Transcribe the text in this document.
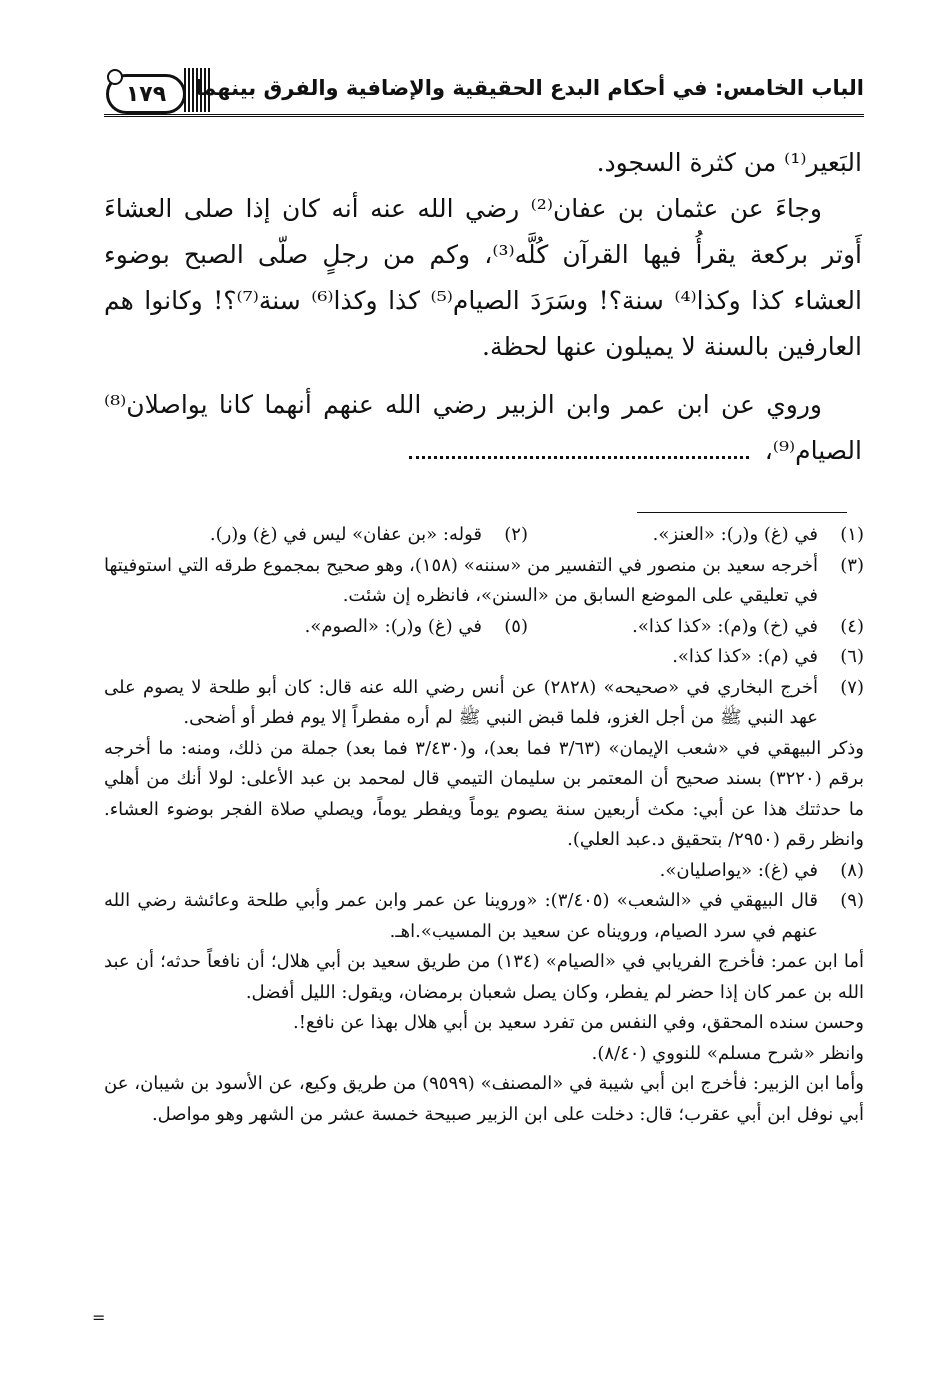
١٧٩	الباب الخامس: في أحكام البدع الحقيقية والإضافية والفرق بينهما

البَعير⁽¹⁾ من كثرة السجود.

وجاءَ عن عثمان بن عفان⁽²⁾ رضي الله عنه أنه كان إذا صلى العشاءَ أَوتر بركعة يقرأُ فيها القرآن كُلَّه⁽³⁾، وكم من رجلٍ صلّى الصبح بوضوء العشاء كذا وكذا⁽⁴⁾ سنة؟! وسَرَدَ الصيام⁽⁵⁾ كذا وكذا⁽⁶⁾ سنة⁽⁷⁾؟! وكانوا هم العارفين بالسنة لا يميلون عنها لحظة.

وروي عن ابن عمر وابن الزبير رضي الله عنهم أنهما كانا يواصلان⁽⁸⁾ الصيام⁽⁹⁾،

(١)
في (غ) و(ر): «العنز».
(٢)
قوله: «بن عفان» ليس في (غ) و(ر).
(٣)
أخرجه سعيد بن منصور في التفسير من «سننه» (١٥٨)، وهو صحيح بمجموع طرقه التي استوفيتها في تعليقي على الموضع السابق من «السنن»، فانظره إن شئت.
(٤)
في (خ) و(م): «كذا كذا».
(٥)
في (غ) و(ر): «الصوم».
(٦)
في (م): «كذا كذا».
(٧)
أخرج البخاري في «صحيحه» (٢٨٢٨) عن أنس رضي الله عنه قال: كان أبو طلحة لا يصوم على عهد النبي ﷺ من أجل الغزو، فلما قبض النبي ﷺ لم أره مفطراً إلا يوم فطر أو أضحى.
وذكر البيهقي في «شعب الإيمان» (٣/٦٣ فما بعد)، و(٣/٤٣٠ فما بعد) جملة من ذلك، ومنه: ما أخرجه برقم (٣٢٢٠) بسند صحيح أن المعتمر بن سليمان التيمي قال لمحمد بن عبد الأعلى: لولا أنك من أهلي ما حدثتك هذا عن أبي: مكث أربعين سنة يصوم يوماً ويفطر يوماً، ويصلي صلاة الفجر بوضوء العشاء. وانظر رقم (٢٩٥٠/ بتحقيق د.عبد العلي).
(٨)
في (غ): «يواصلیان».
(٩)
قال البيهقي في «الشعب» (٣/٤٠٥): «وروينا عن عمر وابن عمر وأبي طلحة وعائشة رضي الله عنهم في سرد الصيام، ورويناه عن سعيد بن المسيب».اهـ.
أما ابن عمر: فأخرج الفريابي في «الصيام» (١٣٤) من طريق سعيد بن أبي هلال؛ أن نافعاً حدثه؛ أن عبد الله بن عمر كان إذا حضر لم يفطر، وكان يصل شعبان برمضان، ويقول: الليل أفضل.
وحسن سنده المحقق، وفي النفس من تفرد سعيد بن أبي هلال بهذا عن نافع!.
وانظر «شرح مسلم» للنووي (٨/٤٠).
وأما ابن الزبير: فأخرج ابن أبي شيبة في «المصنف» (٩٥٩٩) من طريق وكيع، عن الأسود بن شيبان، عن أبي نوفل ابن أبي عقرب؛ قال: دخلت على ابن الزبير صبيحة خمسة عشر من الشهر وهو مواصل.
=
